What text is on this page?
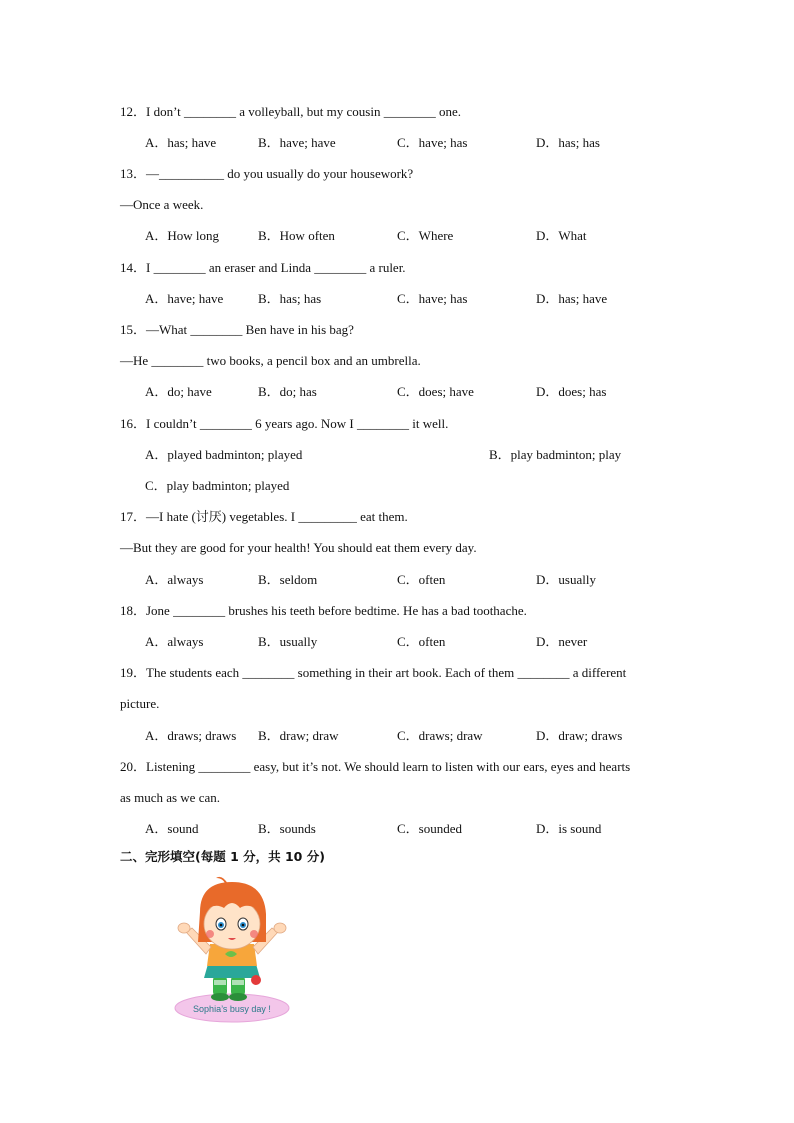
12．I don’t ________ a volleyball, but my cousin ________ one.
A．has; have	B．have; have	C．have; has	D．has; has
13．—__________ do you usually do your housework?
—Once a week.
A．How long	B．How often	C．Where	D．What
14．I ________ an eraser and Linda ________ a ruler.
A．have; have	B．has; has	C．have; has	D．has; have
15．—What ________ Ben have in his bag?
—He ________ two books, a pencil box and an umbrella.
A．do; have	B．do; has	C．does; have	D．does; has
16．I couldn’t ________ 6 years ago. Now I ________ it well.
A．played badminton; played	B．play badminton; play
C．play badminton; played
17．—I hate (讨厌) vegetables. I _________ eat them.
—But they are good for your health! You should eat them every day.
A．always	B．seldom	C．often	D．usually
18．Jone ________ brushes his teeth before bedtime. He has a bad toothache.
A．always	B．usually	C．often	D．never
19．The students each ________ something in their art book. Each of them ________ a different
picture.
A．draws; draws B．draw; draw	C．draws; draw	D．draw; draws
20．Listening ________ easy, but it’s not. We should learn to listen with our ears, eyes and hearts
as much as we can.
A．sound	B．sounds	C．sounded	D．is sound
二、完形填空(每题 1 分，共 10 分)
Sophia’s busy day !
